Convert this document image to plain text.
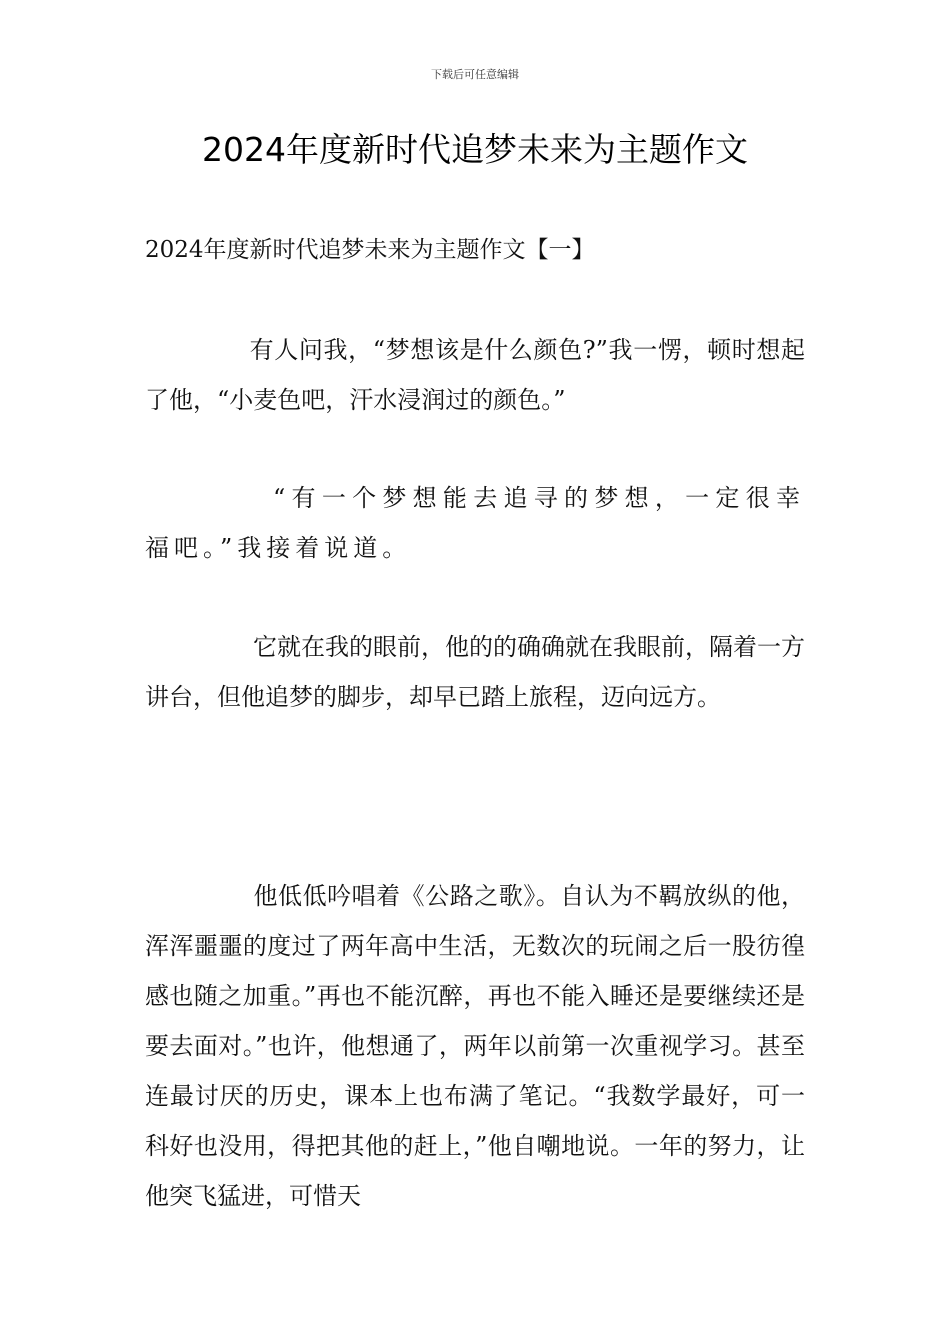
下载后可任意编辑
2024年度新时代追梦未来为主题作文
2024年度新时代追梦未来为主题作文【一】

有人问我，“梦想该是什么颜色?”我一愣，顿时想起了他，“小麦色吧，汗水浸润过的颜色。”

“有一个梦想能去追寻的梦想，一定很幸福吧。”我接着说道。

它就在我的眼前，他的的确确就在我眼前，隔着一方讲台，但他追梦的脚步，却早已踏上旅程，迈向远方。

他低低吟唱着《公路之歌》。自认为不羁放纵的他，浑浑噩噩的度过了两年高中生活，无数次的玩闹之后一股彷徨感也随之加重。”再也不能沉醉，再也不能入睡还是要继续还是要去面对。”也许，他想通了，两年以前第一次重视学习。甚至连最讨厌的历史，课本上也布满了笔记。“我数学最好，可一科好也没用，得把其他的赶上，”他自嘲地说。一年的努力，让他突飞猛进，可惜天
